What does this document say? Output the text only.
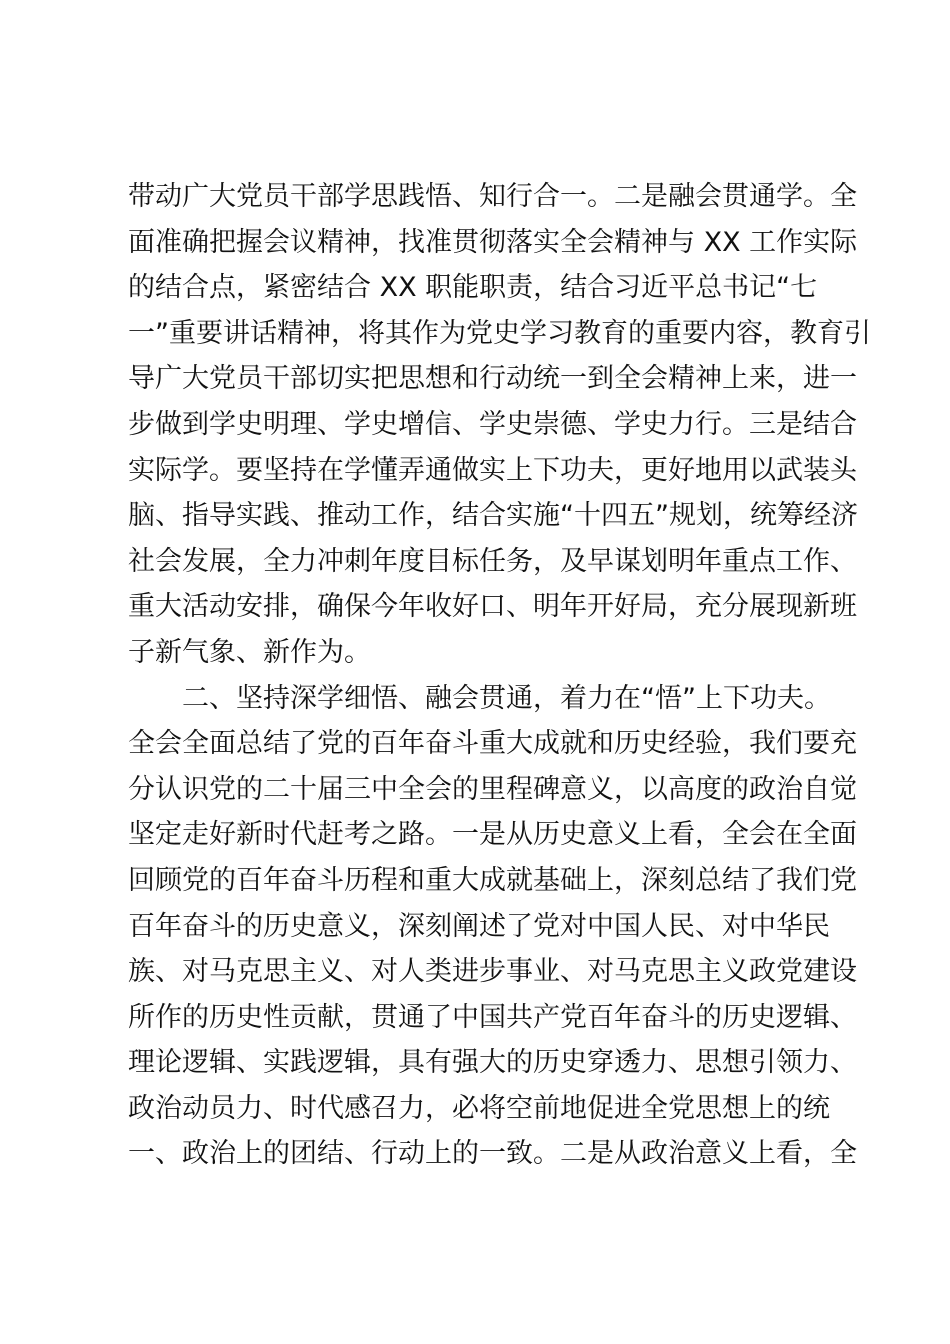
带动广大党员干部学思践悟、知行合一。二是融会贯通学。全
面准确把握会议精神，找准贯彻落实全会精神与 XX 工作实际
的结合点，紧密结合 XX 职能职责，结合习近平总书记“七
一”重要讲话精神，将其作为党史学习教育的重要内容，教育引
导广大党员干部切实把思想和行动统一到全会精神上来，进一
步做到学史明理、学史增信、学史崇德、学史力行。三是结合
实际学。要坚持在学懂弄通做实上下功夫，更好地用以武装头
脑、指导实践、推动工作，结合实施“十四五”规划，统筹经济
社会发展，全力冲刺年度目标任务，及早谋划明年重点工作、
重大活动安排，确保今年收好口、明年开好局，充分展现新班
子新气象、新作为。
　　二、坚持深学细悟、融会贯通，着力在“悟”上下功夫。
全会全面总结了党的百年奋斗重大成就和历史经验，我们要充
分认识党的二十届三中全会的里程碑意义，以高度的政治自觉
坚定走好新时代赶考之路。一是从历史意义上看，全会在全面
回顾党的百年奋斗历程和重大成就基础上，深刻总结了我们党
百年奋斗的历史意义，深刻阐述了党对中国人民、对中华民
族、对马克思主义、对人类进步事业、对马克思主义政党建设
所作的历史性贡献，贯通了中国共产党百年奋斗的历史逻辑、
理论逻辑、实践逻辑，具有强大的历史穿透力、思想引领力、
政治动员力、时代感召力，必将空前地促进全党思想上的统
一、政治上的团结、行动上的一致。二是从政治意义上看，全
